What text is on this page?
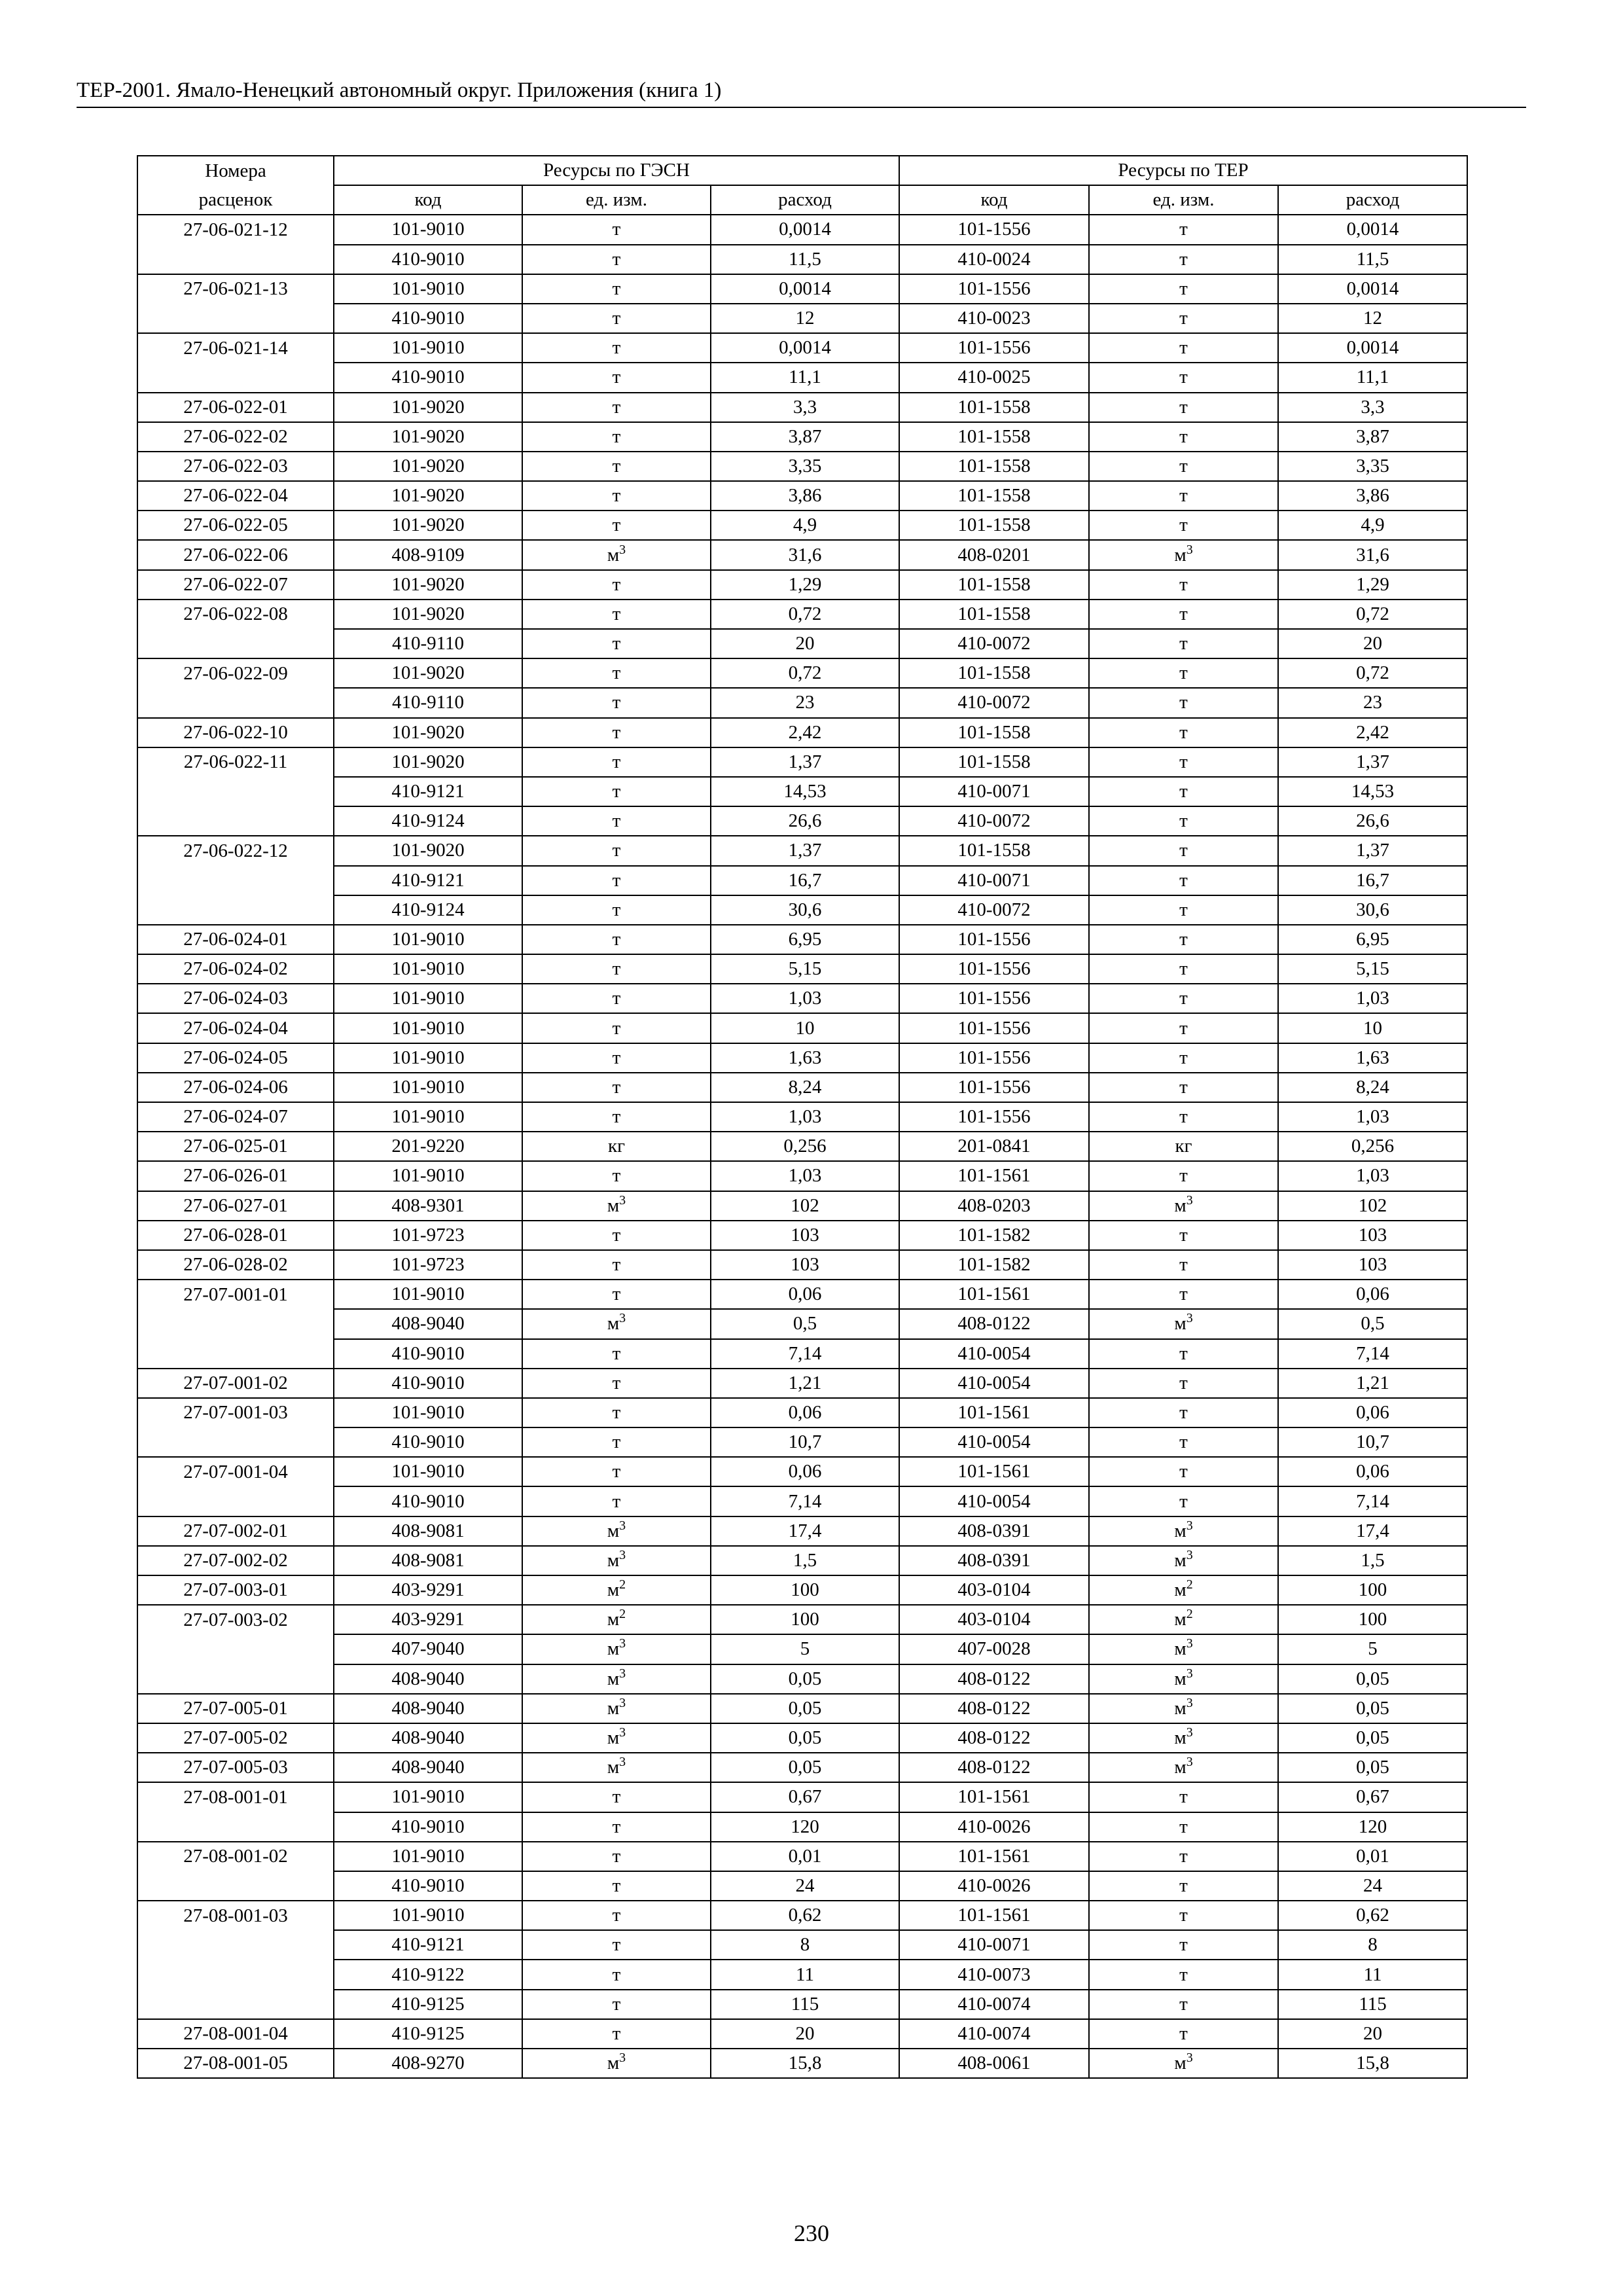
ТЕР-2001. Ямало-Ненецкий автономный округ. Приложения (книга 1)
Номера	Ресурсы по ГЭСН			Ресурсы по ТЕР		
расценок	код	ед. изм.	расход	код	ед. изм.	расход
27-06-021-12	101-9010	т	0,0014	101-1556	т	0,0014
	410-9010	т	11,5	410-0024	т	11,5
27-06-021-13	101-9010	т	0,0014	101-1556	т	0,0014
	410-9010	т	12	410-0023	т	12
27-06-021-14	101-9010	т	0,0014	101-1556	т	0,0014
	410-9010	т	11,1	410-0025	т	11,1
27-06-022-01	101-9020	т	3,3	101-1558	т	3,3
27-06-022-02	101-9020	т	3,87	101-1558	т	3,87
27-06-022-03	101-9020	т	3,35	101-1558	т	3,35
27-06-022-04	101-9020	т	3,86	101-1558	т	3,86
27-06-022-05	101-9020	т	4,9	101-1558	т	4,9
27-06-022-06	408-9109	$м^3$	31,6	408-0201	$м^3$	31,6
27-06-022-07	101-9020	т	1,29	101-1558	т	1,29
27-06-022-08	101-9020	т	0,72	101-1558	т	0,72
	410-9110	т	20	410-0072	т	20
27-06-022-09	101-9020	т	0,72	101-1558	т	0,72
	410-9110	т	23	410-0072	т	23
27-06-022-10	101-9020	т	2,42	101-1558	т	2,42
27-06-022-11	101-9020	т	1,37	101-1558	т	1,37
	410-9121	т	14,53	410-0071	т	14,53
	410-9124	т	26,6	410-0072	т	26,6
27-06-022-12	101-9020	т	1,37	101-1558	т	1,37
	410-9121	т	16,7	410-0071	т	16,7
	410-9124	т	30,6	410-0072	т	30,6
27-06-024-01	101-9010	т	6,95	101-1556	т	6,95
27-06-024-02	101-9010	т	5,15	101-1556	т	5,15
27-06-024-03	101-9010	т	1,03	101-1556	т	1,03
27-06-024-04	101-9010	т	10	101-1556	т	10
27-06-024-05	101-9010	т	1,63	101-1556	т	1,63
27-06-024-06	101-9010	т	8,24	101-1556	т	8,24
27-06-024-07	101-9010	т	1,03	101-1556	т	1,03
27-06-025-01	201-9220	кг	0,256	201-0841	кг	0,256
27-06-026-01	101-9010	т	1,03	101-1561	т	1,03
27-06-027-01	408-9301	$м^3$	102	408-0203	$м^3$	102
27-06-028-01	101-9723	т	103	101-1582	т	103
27-06-028-02	101-9723	т	103	101-1582	т	103
27-07-001-01	101-9010	т	0,06	101-1561	т	0,06
	408-9040	$м^3$	0,5	408-0122	$м^3$	0,5
	410-9010	т	7,14	410-0054	т	7,14
27-07-001-02	410-9010	т	1,21	410-0054	т	1,21
27-07-001-03	101-9010	т	0,06	101-1561	т	0,06
	410-9010	т	10,7	410-0054	т	10,7
27-07-001-04	101-9010	т	0,06	101-1561	т	0,06
	410-9010	т	7,14	410-0054	т	7,14
27-07-002-01	408-9081	$м^3$	17,4	408-0391	$м^3$	17,4
27-07-002-02	408-9081	$м^3$	1,5	408-0391	$м^3$	1,5
27-07-003-01	403-9291	$м^2$	100	403-0104	$м^2$	100
27-07-003-02	403-9291	$м^2$	100	403-0104	$м^2$	100
	407-9040	$м^3$	5	407-0028	$м^3$	5
	408-9040	$м^3$	0,05	408-0122	$м^3$	0,05
27-07-005-01	408-9040	$м^3$	0,05	408-0122	$м^3$	0,05
27-07-005-02	408-9040	$м^3$	0,05	408-0122	$м^3$	0,05
27-07-005-03	408-9040	$м^3$	0,05	408-0122	$м^3$	0,05
27-08-001-01	101-9010	т	0,67	101-1561	т	0,67
	410-9010	т	120	410-0026	т	120
27-08-001-02	101-9010	т	0,01	101-1561	т	0,01
	410-9010	т	24	410-0026	т	24
27-08-001-03	101-9010	т	0,62	101-1561	т	0,62
	410-9121	т	8	410-0071	т	8
	410-9122	т	11	410-0073	т	11
	410-9125	т	115	410-0074	т	115
27-08-001-04	410-9125	т	20	410-0074	т	20
27-08-001-05	408-9270	$м^3$	15,8	408-0061	$м^3$	15,8
230
